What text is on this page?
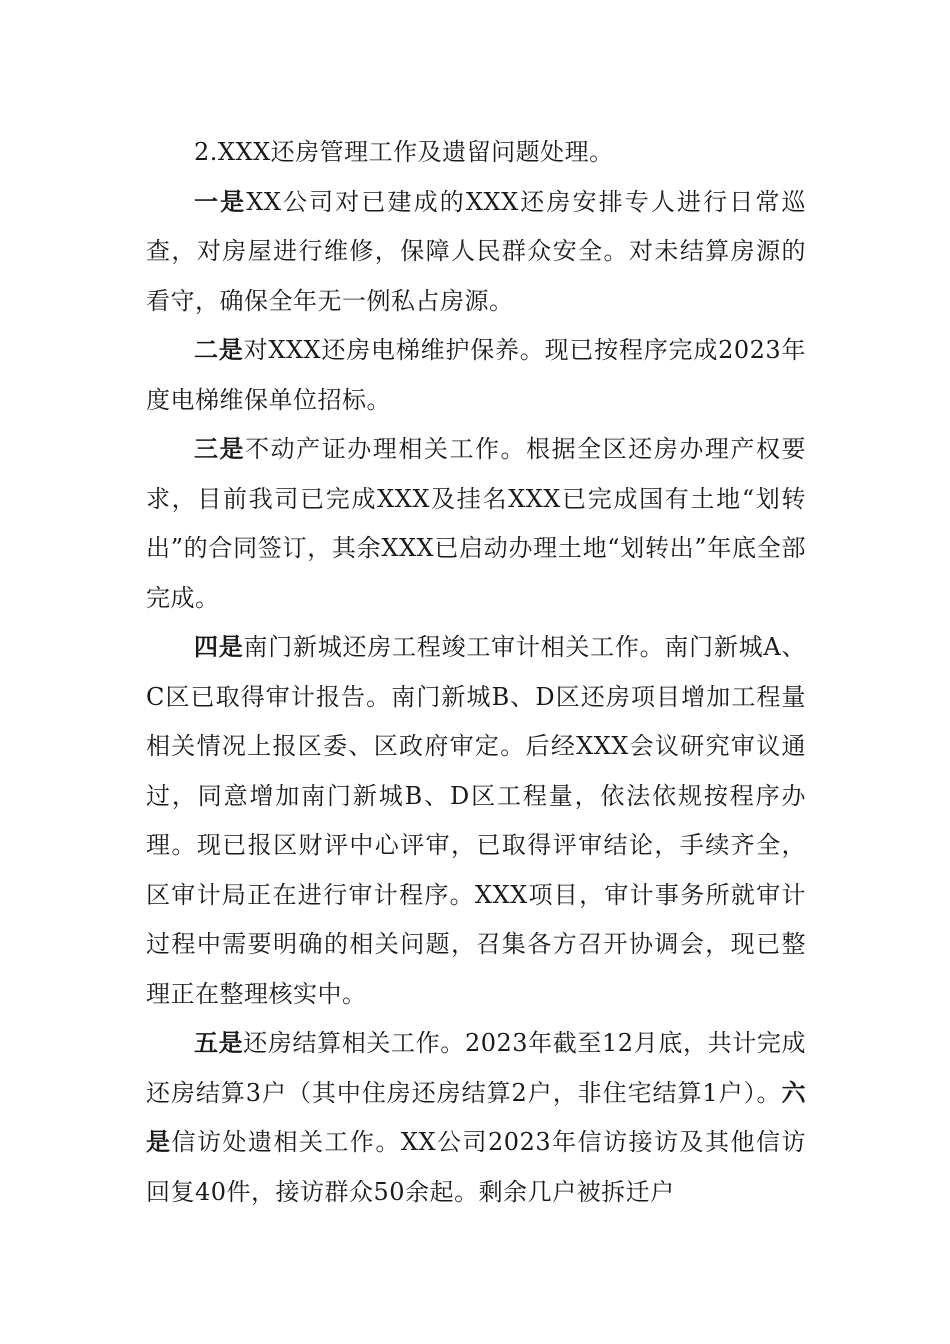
2.XXX还房管理工作及遗留问题处理。

一是XX公司对已建成的XXX还房安排专人进行日常巡查，对房屋进行维修，保障人民群众安全。对未结算房源的看守，确保全年无一例私占房源。

二是对XXX还房电梯维护保养。现已按程序完成2023年度电梯维保单位招标。

三是不动产证办理相关工作。根据全区还房办理产权要求，目前我司已完成XXX及挂名XXX已完成国有土地“划转出”的合同签订，其余XXX已启动办理土地“划转出”年底全部完成。

四是南门新城还房工程竣工审计相关工作。南门新城A、C区已取得审计报告。南门新城B、D区还房项目增加工程量相关情况上报区委、区政府审定。后经XXX会议研究审议通过，同意增加南门新城B、D区工程量，依法依规按程序办理。现已报区财评中心评审，已取得评审结论，手续齐全，区审计局正在进行审计程序。XXX项目，审计事务所就审计过程中需要明确的相关问题，召集各方召开协调会，现已整理正在整理核实中。

五是还房结算相关工作。2023年截至12月底，共计完成还房结算3户（其中住房还房结算2户，非住宅结算1户）。六是信访处遗相关工作。XX公司2023年信访接访及其他信访回复40件，接访群众50余起。剩余几户被拆迁户
